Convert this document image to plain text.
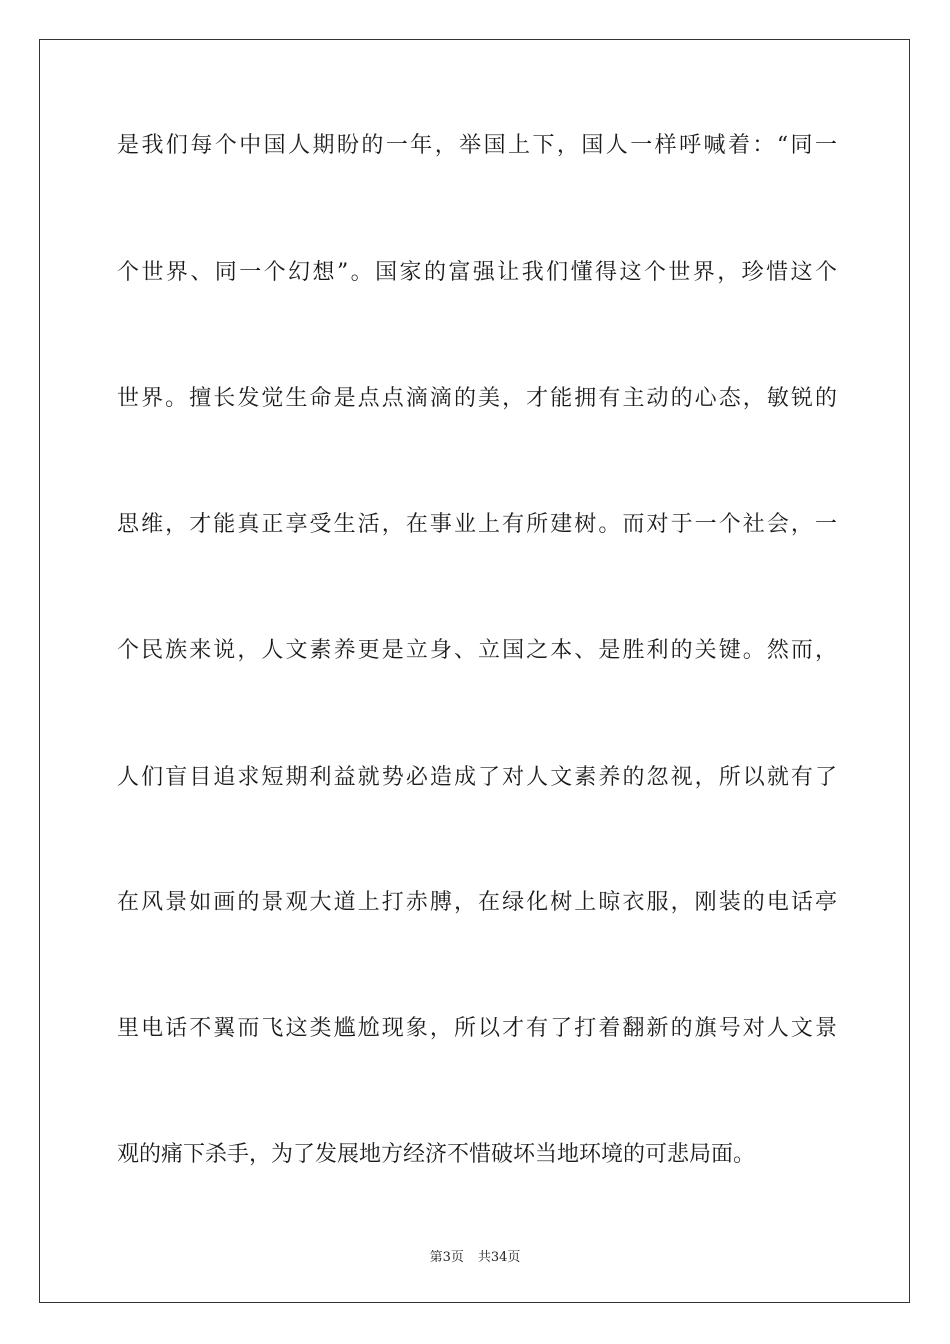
是我们每个中国人期盼的一年，举国上下，国人一样呼喊着：“同一
个世界、同一个幻想”。国家的富强让我们懂得这个世界，珍惜这个
世界。擅长发觉生命是点点滴滴的美，才能拥有主动的心态，敏锐的
思维，才能真正享受生活，在事业上有所建树。而对于一个社会，一
个民族来说，人文素养更是立身、立国之本、是胜利的关键。然而，
人们盲目追求短期利益就势必造成了对人文素养的忽视，所以就有了
在风景如画的景观大道上打赤膊，在绿化树上晾衣服，刚装的电话亭
里电话不翼而飞这类尴尬现象，所以才有了打着翻新的旗号对人文景
观的痛下杀手，为了发展地方经济不惜破坏当地环境的可悲局面。
第3页 共34页
